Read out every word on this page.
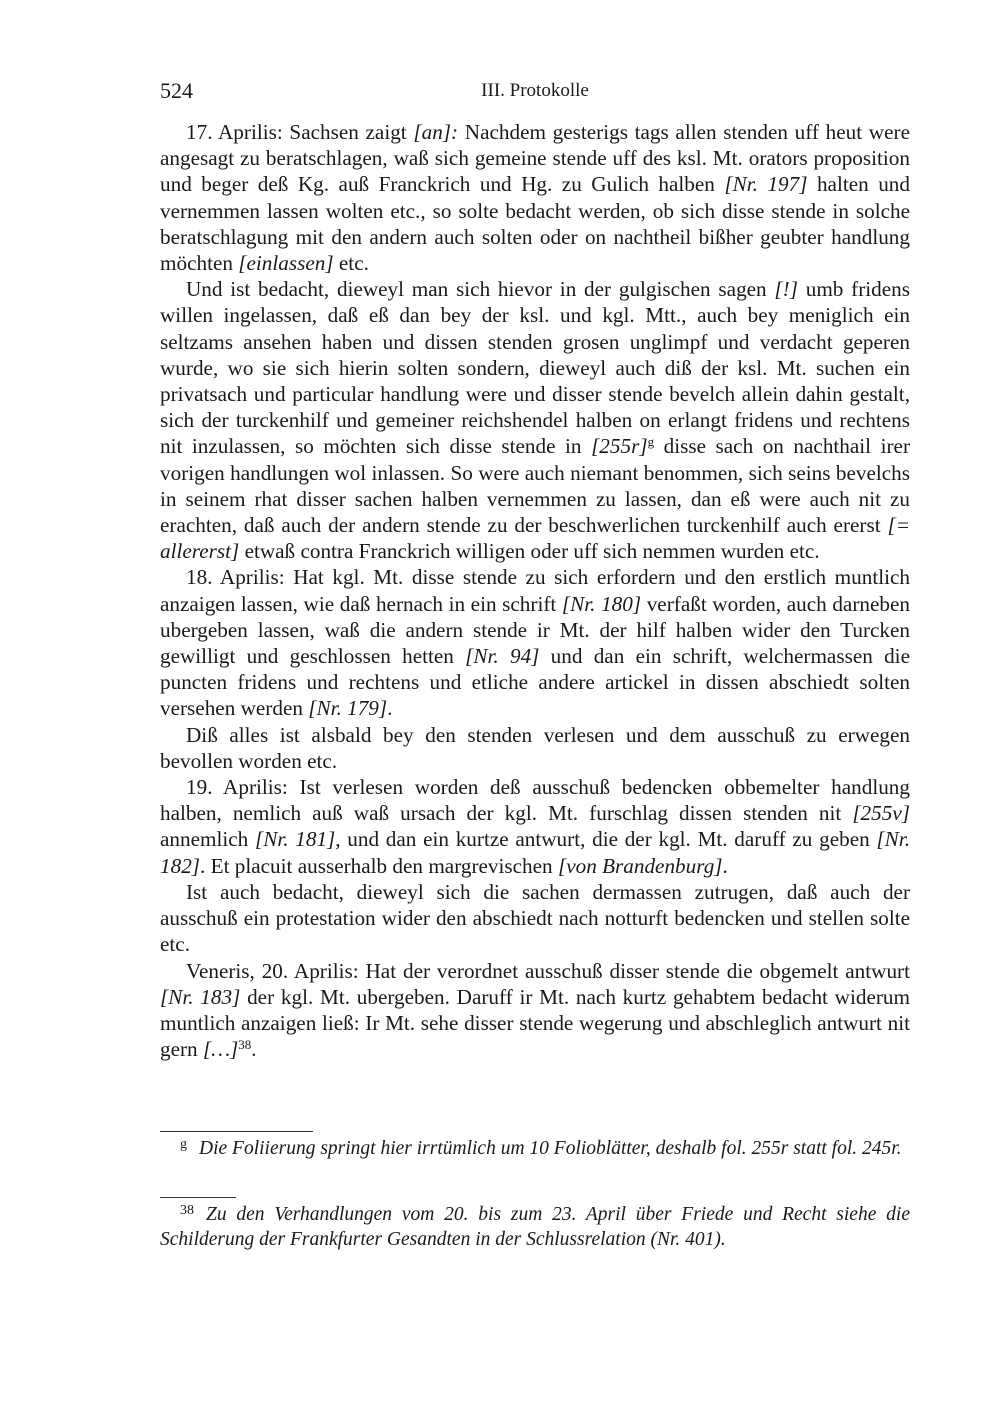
524	III. Protokolle

17. Aprilis: Sachsen zaigt [an]: Nachdem gesterigs tags allen stenden uff heut were angesagt zu beratschlagen, waß sich gemeine stende uff des ksl. Mt. orators proposition und beger deß Kg. auß Franckrich und Hg. zu Gulich halben [Nr. 197] halten und vernemmen lassen wolten etc., so solte bedacht werden, ob sich disse stende in solche beratschlagung mit den andern auch solten oder on nachtheil bißher geubter handlung möchten [einlassen] etc.

Und ist bedacht, dieweyl man sich hievor in der gulgischen sagen [!] umb fridens willen ingelassen, daß eß dan bey der ksl. und kgl. Mtt., auch bey meniglich ein seltzams ansehen haben und dissen stenden grosen unglimpf und verdacht geperen wurde, wo sie sich hierin solten sondern, dieweyl auch diß der ksl. Mt. suchen ein privatsach und particular handlung were und disser stende bevelch allein dahin gestalt, sich der turckenhilf und gemeiner reichshendel halben on erlangt fridens und rechtens nit inzulassen, so möchten sich disse stende in $[255r]^g$ disse sach on nachthail irer vorigen handlungen wol inlassen. So were auch niemant benommen, sich seins bevelchs in seinem rhat disser sachen halben vernemmen zu lassen, dan eß were auch nit zu erachten, daß auch der andern stende zu der beschwerlichen turckenhilf auch ererst [= allererst] etwaß contra Franckrich willigen oder uff sich nemmen wurden etc.

18. Aprilis: Hat kgl. Mt. disse stende zu sich erfordern und den erstlich muntlich anzaigen lassen, wie daß hernach in ein schrift [Nr. 180] verfaßt worden, auch darneben ubergeben lassen, waß die andern stende ir Mt. der hilf halben wider den Turcken gewilligt und geschlossen hetten [Nr. 94] und dan ein schrift, welchermassen die puncten fridens und rechtens und etliche andere artickel in dissen abschiedt solten versehen werden [Nr. 179].

Diß alles ist alsbald bey den stenden verlesen und dem ausschuß zu erwegen bevollen worden etc.

19. Aprilis: Ist verlesen worden deß ausschuß bedencken obbemelter handlung halben, nemlich auß waß ursach der kgl. Mt. furschlag dissen stenden nit [255v] annemlich [Nr. 181], und dan ein kurtze antwurt, die der kgl. Mt. daruff zu geben [Nr. 182]. Et placuit ausserhalb den margrevischen [von Brandenburg].

Ist auch bedacht, dieweyl sich die sachen dermassen zutrugen, daß auch der ausschuß ein protestation wider den abschiedt nach notturft bedencken und stellen solte etc.

Veneris, 20. Aprilis: Hat der verordnet ausschuß disser stende die obgemelt antwurt [Nr. 183] der kgl. Mt. ubergeben. Daruff ir Mt. nach kurtz gehabtem bedacht widerum muntlich anzaigen ließ: Ir Mt. sehe disser stende wegerung und abschleglich antwurt nit gern […]$^{38}$.

g Die Foliierung springt hier irrtümlich um 10 Folioblätter, deshalb fol. 255r statt fol. 245r.
38 Zu den Verhandlungen vom 20. bis zum 23. April über Friede und Recht siehe die Schilderung der Frankfurter Gesandten in der Schlussrelation (Nr. 401).
